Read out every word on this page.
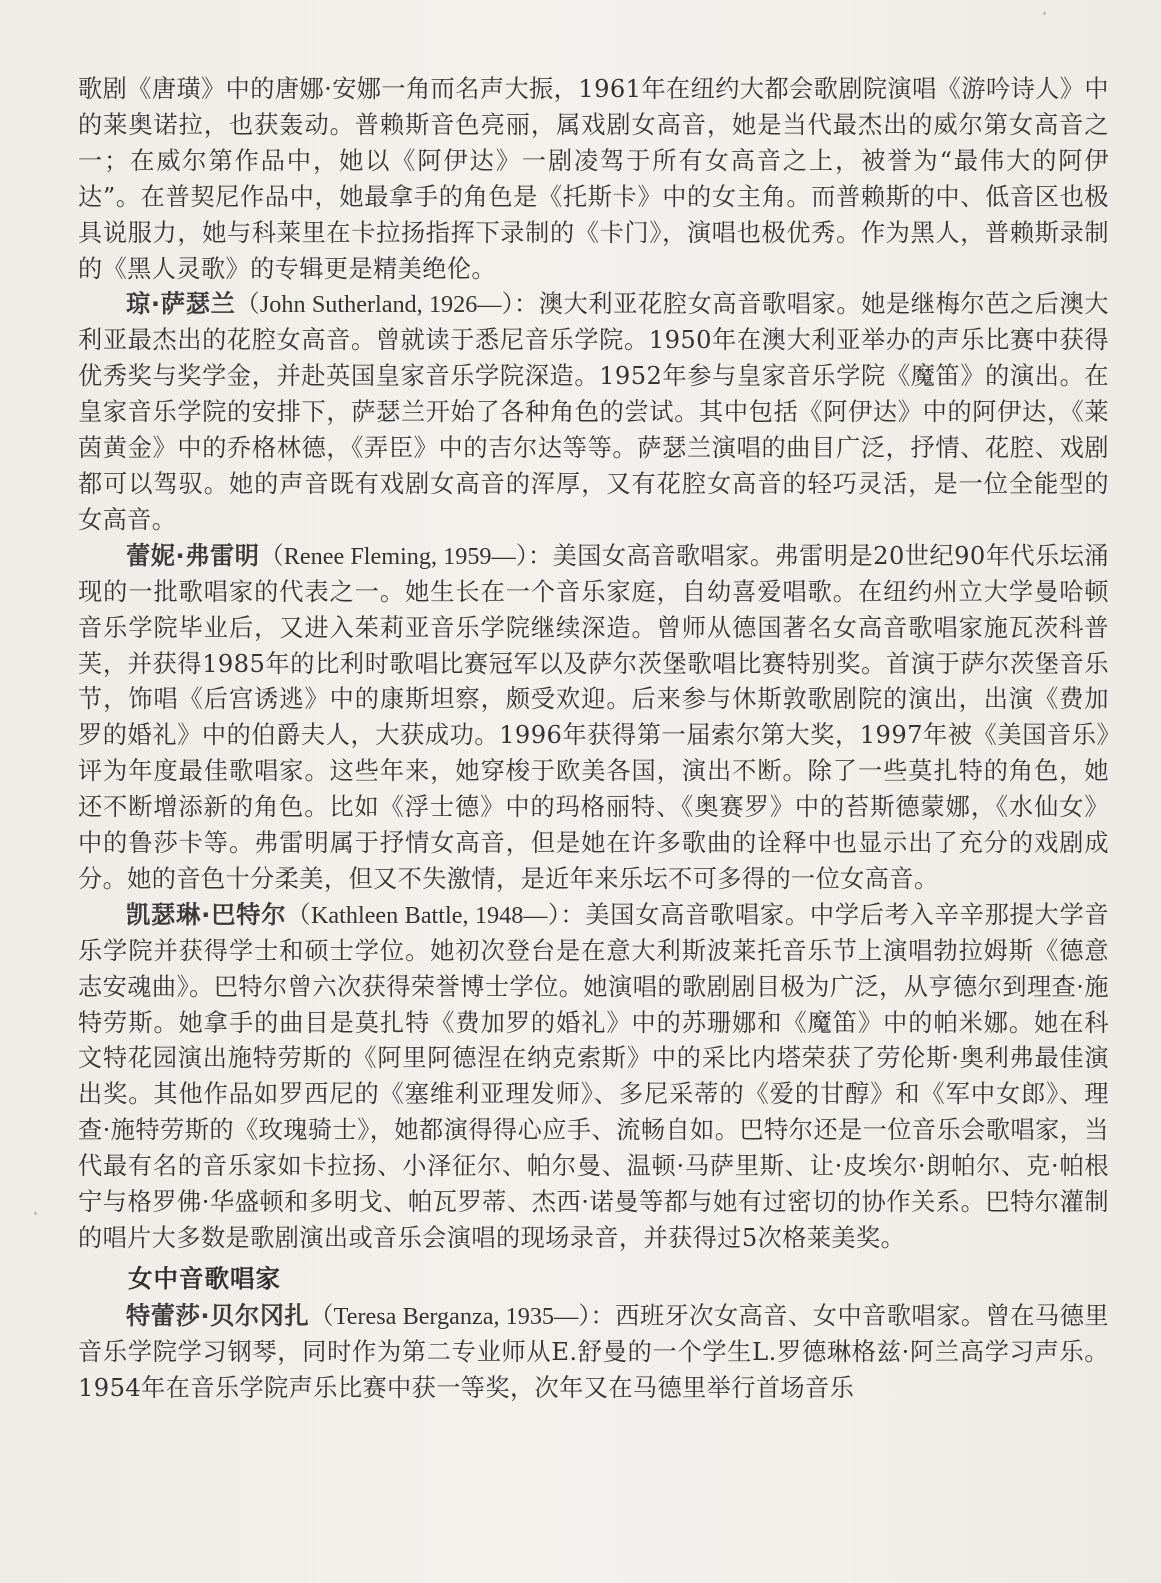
歌剧《唐璜》中的唐娜·安娜一角而名声大振，1961年在纽约大都会歌剧院演唱《游吟诗人》中的莱奥诺拉，也获轰动。普赖斯音色亮丽，属戏剧女高音，她是当代最杰出的威尔第女高音之一；在威尔第作品中，她以《阿伊达》一剧凌驾于所有女高音之上，被誉为“最伟大的阿伊达”。在普契尼作品中，她最拿手的角色是《托斯卡》中的女主角。而普赖斯的中、低音区也极具说服力，她与科莱里在卡拉扬指挥下录制的《卡门》，演唱也极优秀。作为黑人，普赖斯录制的《黑人灵歌》的专辑更是精美绝伦。

琼·萨瑟兰（John Sutherland, 1926—）：澳大利亚花腔女高音歌唱家。她是继梅尔芭之后澳大利亚最杰出的花腔女高音。曾就读于悉尼音乐学院。1950年在澳大利亚举办的声乐比赛中获得优秀奖与奖学金，并赴英国皇家音乐学院深造。1952年参与皇家音乐学院《魔笛》的演出。在皇家音乐学院的安排下，萨瑟兰开始了各种角色的尝试。其中包括《阿伊达》中的阿伊达，《莱茵黄金》中的乔格林德，《弄臣》中的吉尔达等等。萨瑟兰演唱的曲目广泛，抒情、花腔、戏剧都可以驾驭。她的声音既有戏剧女高音的浑厚，又有花腔女高音的轻巧灵活，是一位全能型的女高音。

蕾妮·弗雷明（Renee Fleming, 1959—）：美国女高音歌唱家。弗雷明是20世纪90年代乐坛涌现的一批歌唱家的代表之一。她生长在一个音乐家庭，自幼喜爱唱歌。在纽约州立大学曼哈顿音乐学院毕业后，又进入茱莉亚音乐学院继续深造。曾师从德国著名女高音歌唱家施瓦茨科普芙，并获得1985年的比利时歌唱比赛冠军以及萨尔茨堡歌唱比赛特别奖。首演于萨尔茨堡音乐节，饰唱《后宫诱逃》中的康斯坦察，颇受欢迎。后来参与休斯敦歌剧院的演出，出演《费加罗的婚礼》中的伯爵夫人，大获成功。1996年获得第一届索尔第大奖，1997年被《美国音乐》评为年度最佳歌唱家。这些年来，她穿梭于欧美各国，演出不断。除了一些莫扎特的角色，她还不断增添新的角色。比如《浮士德》中的玛格丽特、《奥赛罗》中的苔斯德蒙娜，《水仙女》中的鲁莎卡等。弗雷明属于抒情女高音，但是她在许多歌曲的诠释中也显示出了充分的戏剧成分。她的音色十分柔美，但又不失激情，是近年来乐坛不可多得的一位女高音。

凯瑟琳·巴特尔（Kathleen Battle, 1948—）：美国女高音歌唱家。中学后考入辛辛那提大学音乐学院并获得学士和硕士学位。她初次登台是在意大利斯波莱托音乐节上演唱勃拉姆斯《德意志安魂曲》。巴特尔曾六次获得荣誉博士学位。她演唱的歌剧剧目极为广泛，从亨德尔到理查·施特劳斯。她拿手的曲目是莫扎特《费加罗的婚礼》中的苏珊娜和《魔笛》中的帕米娜。她在科文特花园演出施特劳斯的《阿里阿德涅在纳克索斯》中的采比内塔荣获了劳伦斯·奥利弗最佳演出奖。其他作品如罗西尼的《塞维利亚理发师》、多尼采蒂的《爱的甘醇》和《军中女郎》、理查·施特劳斯的《玫瑰骑士》，她都演得得心应手、流畅自如。巴特尔还是一位音乐会歌唱家，当代最有名的音乐家如卡拉扬、小泽征尔、帕尔曼、温顿·马萨里斯、让·皮埃尔·朗帕尔、克·帕根宁与格罗佛·华盛顿和多明戈、帕瓦罗蒂、杰西·诺曼等都与她有过密切的协作关系。巴特尔灌制的唱片大多数是歌剧演出或音乐会演唱的现场录音，并获得过5次格莱美奖。

女中音歌唱家

特蕾莎·贝尔冈扎（Teresa Berganza, 1935—）：西班牙次女高音、女中音歌唱家。曾在马德里音乐学院学习钢琴，同时作为第二专业师从E.舒曼的一个学生L.罗德琳格兹·阿兰高学习声乐。1954年在音乐学院声乐比赛中获一等奖，次年又在马德里举行首场音乐
